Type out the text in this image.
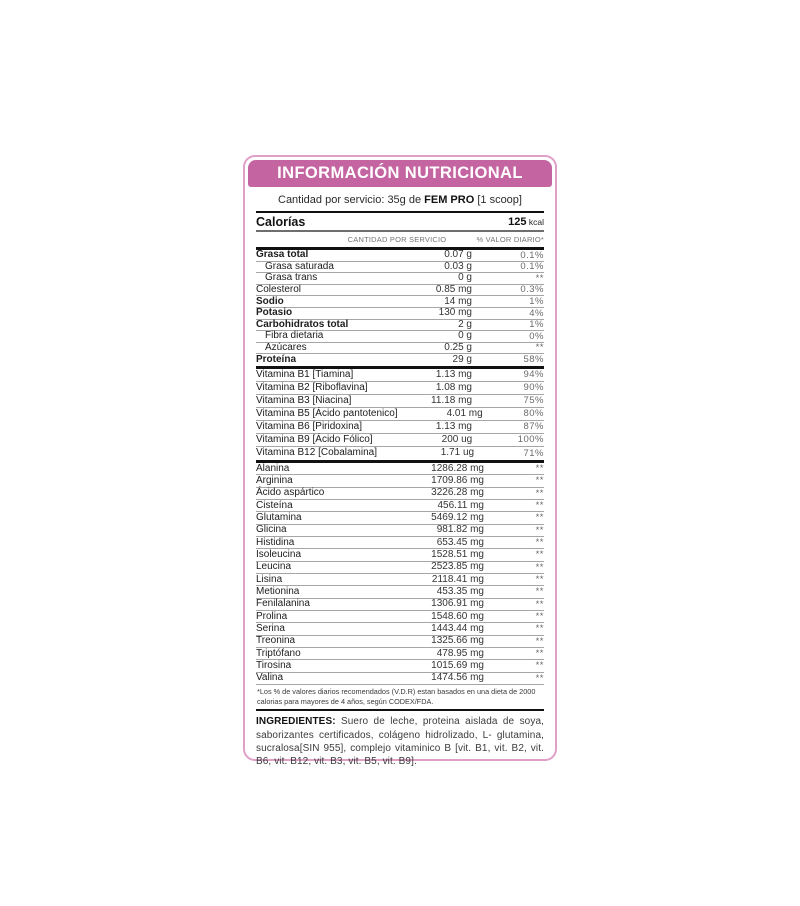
INFORMACIÓN NUTRICIONAL
Cantidad por servicio: 35g de FEM PRO [1 scoop]
Calorías	125 kcal
CANTIDAD POR SERVICIO	% VALOR DIARIO*
Grasa total	0.07 g	0.1%
Grasa saturada	0.03 g	0.1%
Grasa trans	0 g	**
Colesterol	0.85 mg	0.3%
Sodio	14 mg	1%
Potasio	130 mg	4%
Carbohidratos total	2 g	1%
Fibra dietaria	0 g	0%
Azúcares	0.25 g	**
Proteína	29 g	58%
Vitamina B1 [Tiamina]	1.13 mg	94%
Vitamina B2 [Riboflavina]	1.08 mg	90%
Vitamina B3 [Niacina]	11.18 mg	75%
Vitamina B5 [Ácido pantotenico]	4.01 mg	80%
Vitamina B6 [Piridoxina]	1.13 mg	87%
Vitamina B9 [Ácido Fólico]	200 ug	100%
Vitamina B12 [Cobalamina]	1.71 ug	71%
Alanina	1286.28 mg	**
Arginina	1709.86 mg	**
Ácido aspártico	3226.28 mg	**
Cisteína	456.11 mg	**
Glutamina	5469.12 mg	**
Glicina	981.82 mg	**
Histidina	653.45 mg	**
Isoleucina	1528.51 mg	**
Leucina	2523.85 mg	**
Lisina	2118.41 mg	**
Metionina	453.35 mg	**
Fenilalanina	1306.91 mg	**
Prolina	1548.60 mg	**
Serina	1443.44 mg	**
Treonina	1325.66 mg	**
Triptófano	478.95 mg	**
Tirosina	1015.69 mg	**
Valina	1474.56 mg	**
*Los % de valores diarios recomendados (V.D.R) estan basados en una dieta de 2000 calorias para mayores de 4 años, según CODEX/FDA.
INGREDIENTES: Suero de leche, proteina aislada de soya, saborizantes certificados, colágeno hidrolizado, L- glutamina, sucralosa[SIN 955], complejo vitaminico B [vit. B1, vit. B2, vit. B6, vit. B12, vit. B3, vit. B5, vit. B9].
